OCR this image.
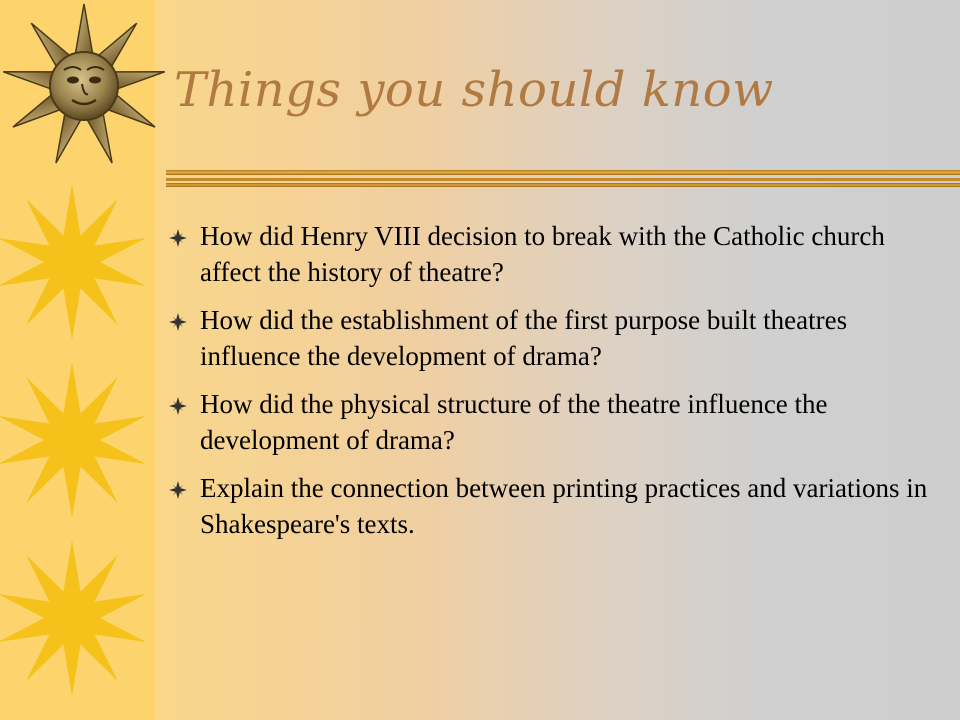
Things you should know
How did Henry VIII decision to break with the Catholic church affect the history of theatre?
How did the establishment of the first purpose built theatres influence the development of drama?
How did the physical structure of the theatre influence the development of drama?
Explain the connection between printing practices and variations in Shakespeare's texts.
